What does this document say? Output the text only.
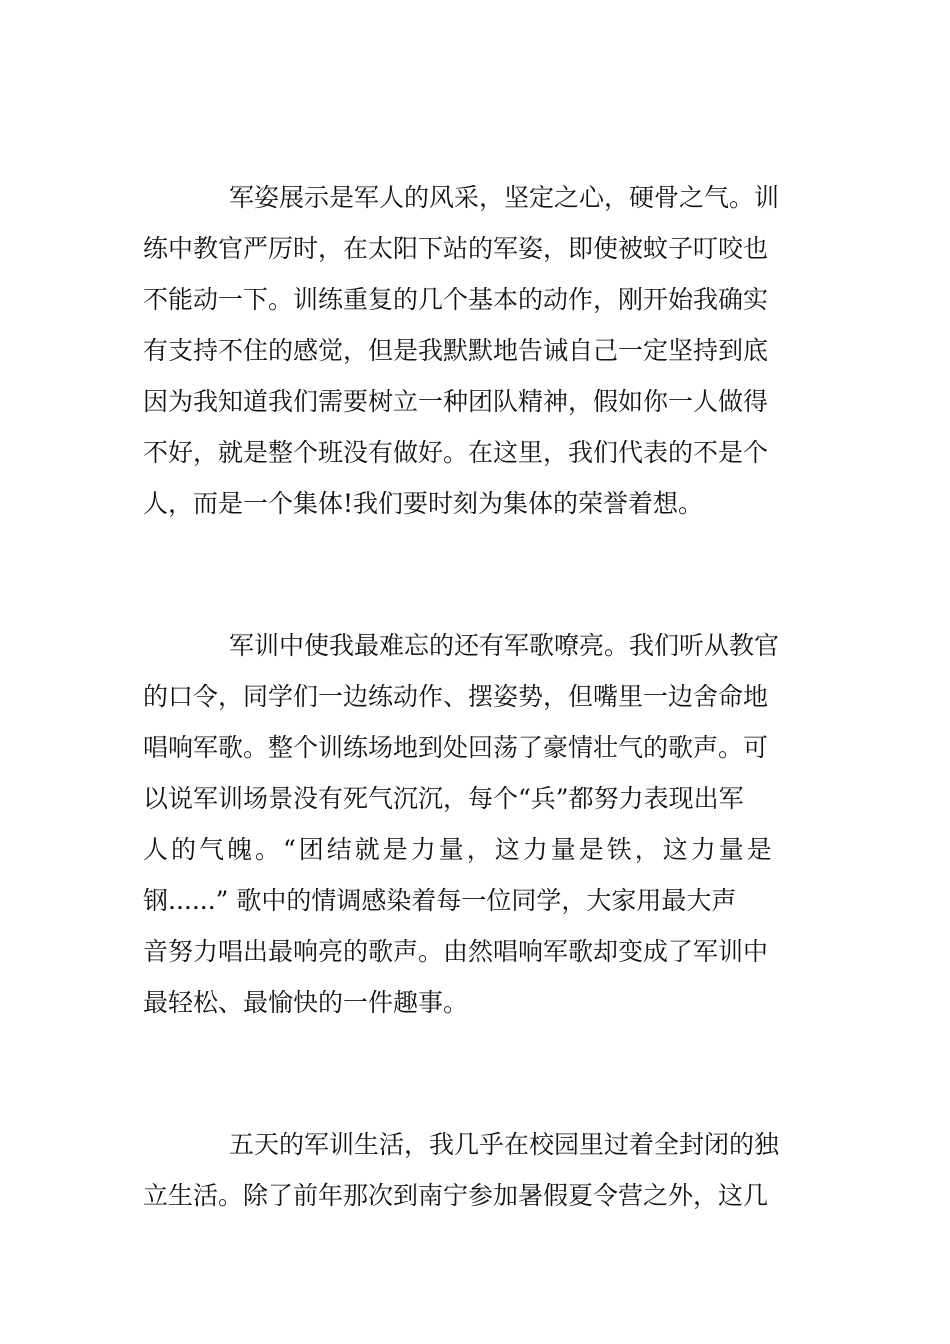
军姿展示是军人的风采，坚定之心，硬骨之气。训
练中教官严厉时，在太阳下站的军姿，即使被蚊子叮咬也
不能动一下。训练重复的几个基本的动作，刚开始我确实
有支持不住的感觉，但是我默默地告诫自己一定坚持到底
因为我知道我们需要树立一种团队精神，假如你一人做得
不好，就是整个班没有做好。在这里，我们代表的不是个
人，而是一个集体!我们要时刻为集体的荣誉着想。
军训中使我最难忘的还有军歌嘹亮。我们听从教官
的口令，同学们一边练动作、摆姿势，但嘴里一边舍命地
唱响军歌。整个训练场地到处回荡了豪情壮气的歌声。可
以说军训场景没有死气沉沉，每个“兵”都努力表现出军
人的气魄。“团结就是力量，这力量是铁，这力量是
钢......” 歌中的情调感染着每一位同学，大家用最大声
音努力唱出最响亮的歌声。由然唱响军歌却变成了军训中
最轻松、最愉快的一件趣事。
五天的军训生活，我几乎在校园里过着全封闭的独
立生活。除了前年那次到南宁参加暑假夏令营之外，这几
